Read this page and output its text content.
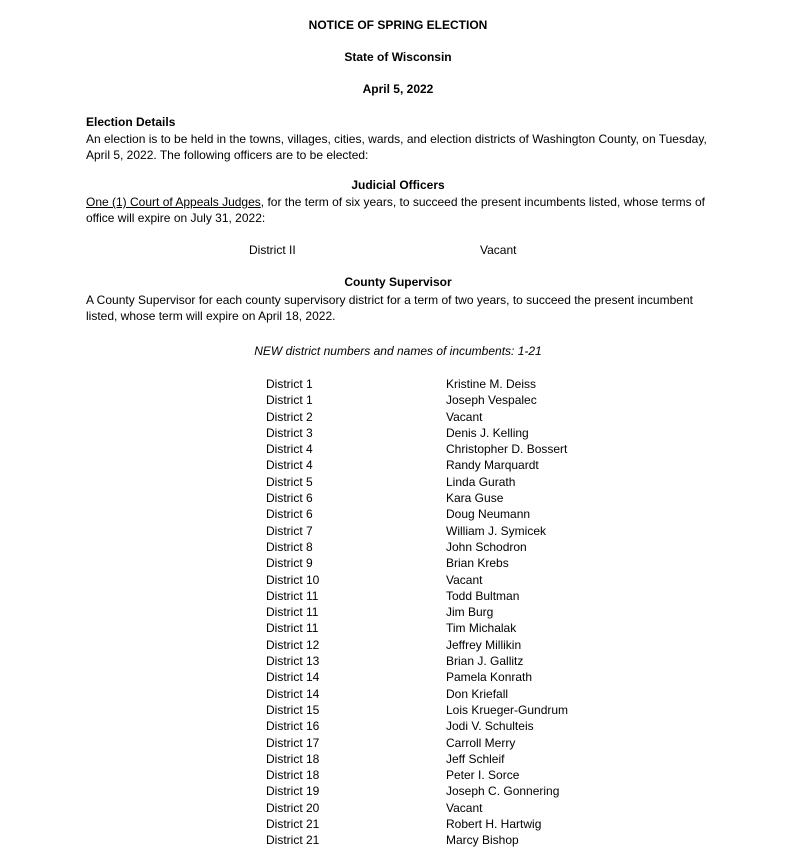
NOTICE OF SPRING ELECTION
State of Wisconsin
April 5, 2022
Election Details
An election is to be held in the towns, villages, cities, wards, and election districts of Washington County, on Tuesday, April 5, 2022. The following officers are to be elected:
Judicial Officers
One (1) Court of Appeals Judges, for the term of six years, to succeed the present incumbents listed, whose terms of office will expire on July 31, 2022:
District II	Vacant
County Supervisor
A County Supervisor for each county supervisory district for a term of two years, to succeed the present incumbent listed, whose term will expire on April 18, 2022.
NEW district numbers and names of incumbents: 1-21
District 1	Kristine M. Deiss
District 1	Joseph Vespalec
District 2	Vacant
District 3	Denis J. Kelling
District 4	Christopher D. Bossert
District 4	Randy Marquardt
District 5	Linda Gurath
District 6	Kara Guse
District 6	Doug Neumann
District 7	William J. Symicek
District 8	John Schodron
District 9	Brian Krebs
District 10	Vacant
District 11	Todd Bultman
District 11	Jim Burg
District 11	Tim Michalak
District 12	Jeffrey Millikin
District 13	Brian J. Gallitz
District 14	Pamela Konrath
District 14	Don Kriefall
District 15	Lois Krueger-Gundrum
District 16	Jodi V. Schulteis
District 17	Carroll Merry
District 18	Jeff Schleif
District 18	Peter I. Sorce
District 19	Joseph C. Gonnering
District 20	Vacant
District 21	Robert H. Hartwig
District 21	Marcy Bishop
